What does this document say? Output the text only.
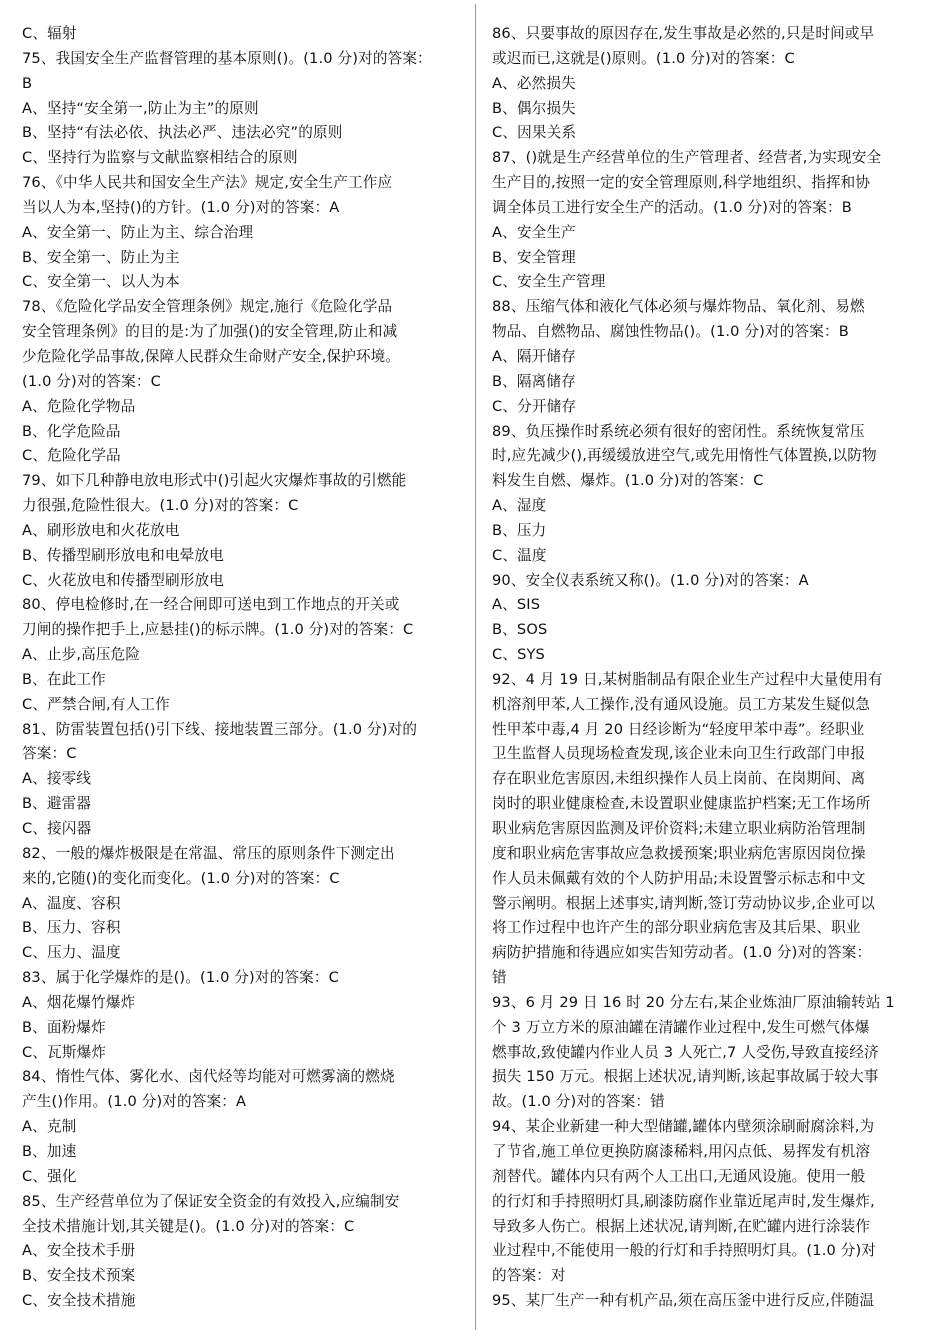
C、辐射
75、我国安全生产监督管理的基本原则()。(1.0 分)对的答案：
B
A、坚持“安全第一,防止为主”的原则
B、坚持“有法必依、执法必严、违法必究”的原则
C、坚持行为监察与文献监察相结合的原则
76、《中华人民共和国安全生产法》规定,安全生产工作应
当以人为本,坚持()的方针。(1.0 分)对的答案：A
A、安全第一、防止为主、综合治理
B、安全第一、防止为主
C、安全第一、以人为本
78、《危险化学品安全管理条例》规定,施行《危险化学品
安全管理条例》的目的是:为了加强()的安全管理,防止和减
少危险化学品事故,保障人民群众生命财产安全,保护环境。
(1.0 分)对的答案：C
A、危险化学物品
B、化学危险品
C、危险化学品
79、如下几种静电放电形式中()引起火灾爆炸事故的引燃能
力很强,危险性很大。(1.0 分)对的答案：C
A、刷形放电和火花放电
B、传播型刷形放电和电晕放电
C、火花放电和传播型刷形放电
80、停电检修时,在一经合闸即可送电到工作地点的开关或
刀闸的操作把手上,应悬挂()的标示牌。(1.0 分)对的答案：C
A、止步,高压危险
B、在此工作
C、严禁合闸,有人工作
81、防雷装置包括()引下线、接地装置三部分。(1.0 分)对的
答案：C
A、接零线
B、避雷器
C、接闪器
82、一般的爆炸极限是在常温、常压的原则条件下测定出
来的,它随()的变化而变化。(1.0 分)对的答案：C
A、温度、容积
B、压力、容积
C、压力、温度
83、属于化学爆炸的是()。(1.0 分)对的答案：C
A、烟花爆竹爆炸
B、面粉爆炸
C、瓦斯爆炸
84、惰性气体、雾化水、卤代烃等均能对可燃雾滴的燃烧
产生()作用。(1.0 分)对的答案：A
A、克制
B、加速
C、强化
85、生产经营单位为了保证安全资金的有效投入,应编制安
全技术措施计划,其关键是()。(1.0 分)对的答案：C
A、安全技术手册
B、安全技术预案
C、安全技术措施
86、只要事故的原因存在,发生事故是必然的,只是时间或早
或迟而已,这就是()原则。(1.0 分)对的答案：C
A、必然损失
B、偶尔损失
C、因果关系
87、()就是生产经营单位的生产管理者、经营者,为实现安全
生产目的,按照一定的安全管理原则,科学地组织、指挥和协
调全体员工进行安全生产的活动。(1.0 分)对的答案：B
A、安全生产
B、安全管理
C、安全生产管理
88、压缩气体和液化气体必须与爆炸物品、氧化剂、易燃
物品、自燃物品、腐蚀性物品()。(1.0 分)对的答案：B
A、隔开储存
B、隔离储存
C、分开储存
89、负压操作时系统必须有很好的密闭性。系统恢复常压
时,应先减少(),再缓缓放进空气,或先用惰性气体置换,以防物
料发生自燃、爆炸。(1.0 分)对的答案：C
A、湿度
B、压力
C、温度
90、安全仪表系统又称()。(1.0 分)对的答案：A
A、SIS
B、SOS
C、SYS
92、4 月 19 日,某树脂制品有限企业生产过程中大量使用有
机溶剂甲苯,人工操作,没有通风设施。员工方某发生疑似急
性甲苯中毒,4 月 20 日经诊断为“轻度甲苯中毒”。经职业
卫生监督人员现场检查发现,该企业未向卫生行政部门申报
存在职业危害原因,未组织操作人员上岗前、在岗期间、离
岗时的职业健康检查,未设置职业健康监护档案;无工作场所
职业病危害原因监测及评价资料;未建立职业病防治管理制
度和职业病危害事故应急救援预案;职业病危害原因岗位操
作人员未佩戴有效的个人防护用品;未设置警示标志和中文
警示阐明。根据上述事实,请判断,签订劳动协议步,企业可以
将工作过程中也许产生的部分职业病危害及其后果、职业
病防护措施和待遇应如实告知劳动者。(1.0 分)对的答案：
错
93、6 月 29 日 16 时 20 分左右,某企业炼油厂原油输转站 1
个 3 万立方米的原油罐在清罐作业过程中,发生可燃气体爆
燃事故,致使罐内作业人员 3 人死亡,7 人受伤,导致直接经济
损失 150 万元。根据上述状况,请判断,该起事故属于较大事
故。(1.0 分)对的答案：错
94、某企业新建一种大型储罐,罐体内壁须涂刷耐腐涂料,为
了节省,施工单位更换防腐漆稀料,用闪点低、易挥发有机溶
剂替代。罐体内只有两个人工出口,无通风设施。使用一般
的行灯和手持照明灯具,刷漆防腐作业靠近尾声时,发生爆炸,
导致多人伤亡。根据上述状况,请判断,在贮罐内进行涂装作
业过程中,不能使用一般的行灯和手持照明灯具。(1.0 分)对
的答案：对
95、某厂生产一种有机产品,须在高压釜中进行反应,伴随温
